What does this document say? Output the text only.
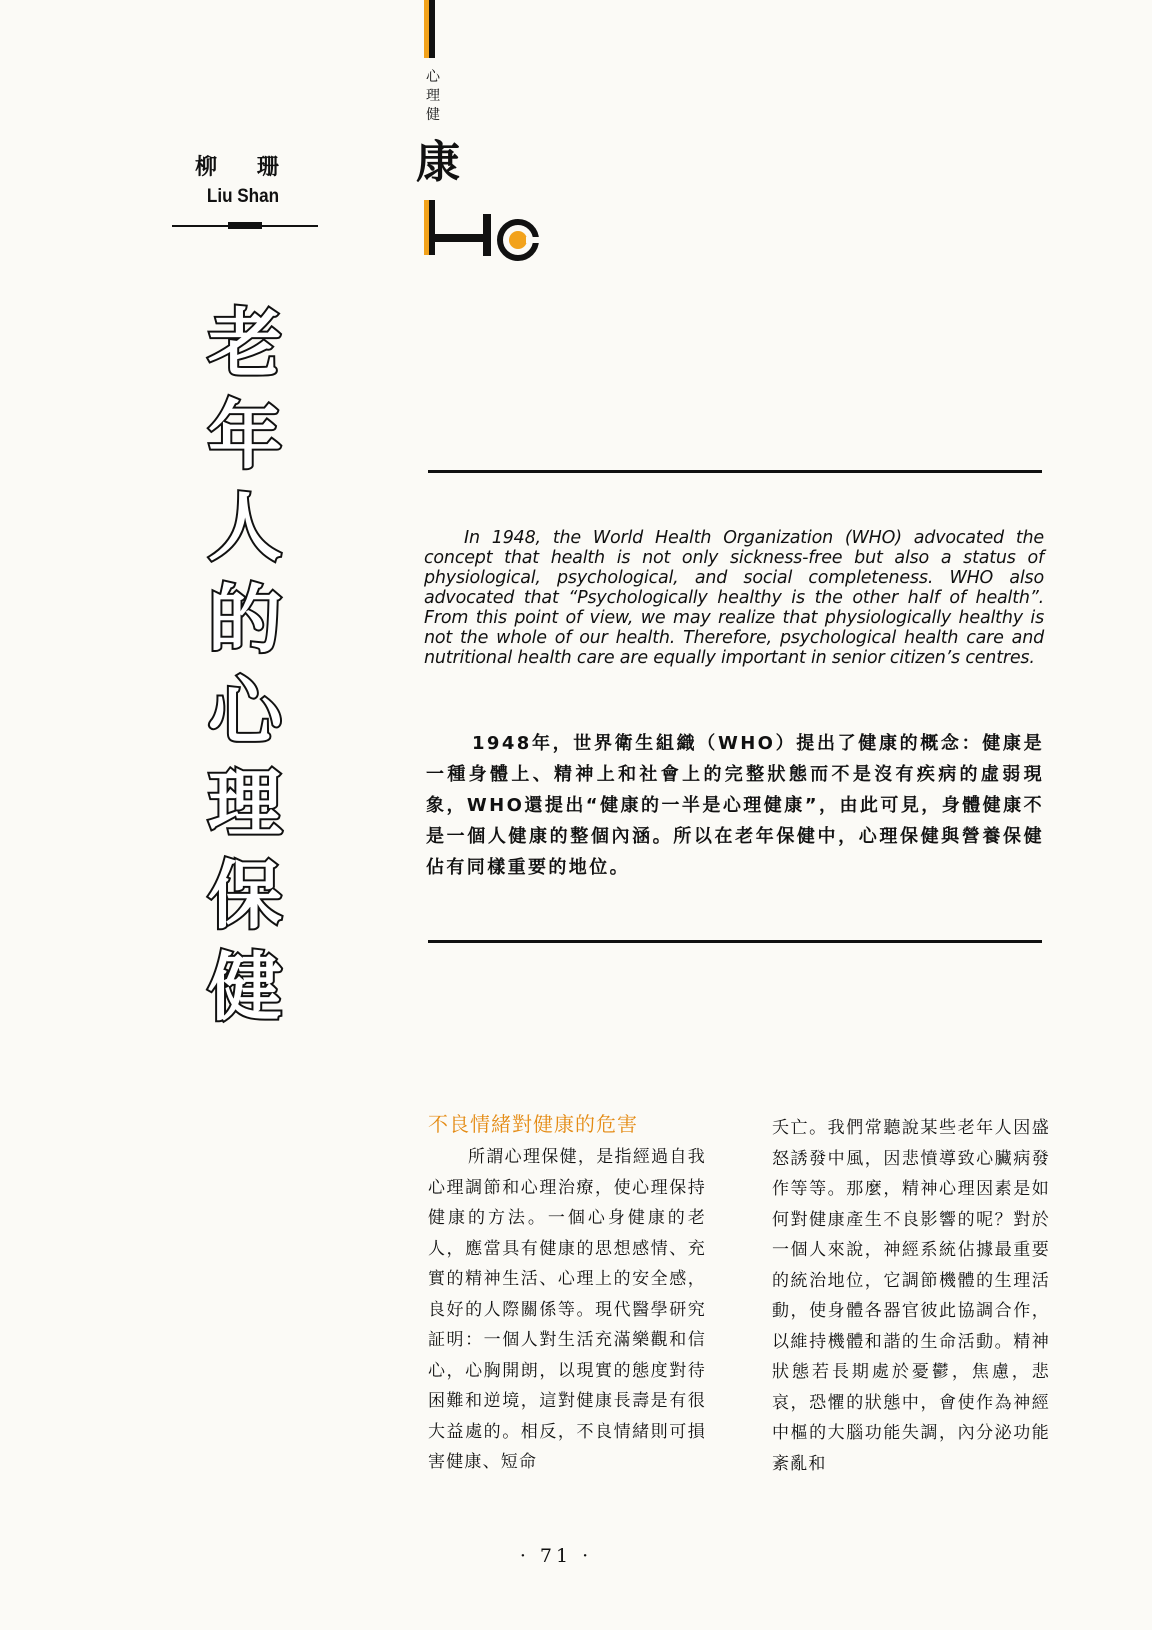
心
理
健
康
柳 珊
Liu Shan
老
年
人
的
心
理
保
健
In 1948, the World Health Organization (WHO) advocated the concept that health is not only sickness-free but also a status of physiological, psychological, and social completeness. WHO also advocated that “Psychologically healthy is the other half of health”. From this point of view, we may realize that physiologically healthy is not the whole of our health. Therefore, psychological health care and nutritional health care are equally important in senior citizen’s centres.
1948年，世界衛生組織（WHO）提出了健康的概念：健康是一種身體上、精神上和社會上的完整狀態而不是沒有疾病的虛弱現象，WHO還提出“健康的一半是心理健康”，由此可見，身體健康不是一個人健康的整個內涵。所以在老年保健中，心理保健與營養保健佔有同樣重要的地位。
不良情緒對健康的危害
所謂心理保健，是指經過自我心理調節和心理治療，使心理保持健康的方法。一個心身健康的老人，應當具有健康的思想感情、充實的精神生活、心理上的安全感，良好的人際關係等。現代醫學研究証明：一個人對生活充滿樂觀和信心，心胸開朗，以現實的態度對待困難和逆境，這對健康長壽是有很大益處的。相反，不良情緒則可損害健康、短命
夭亡。我們常聽說某些老年人因盛怒誘發中風，因悲憤導致心臟病發作等等。那麼，精神心理因素是如何對健康產生不良影響的呢？對於一個人來說，神經系統佔據最重要的統治地位，它調節機體的生理活動，使身體各器官彼此協調合作，以維持機體和諧的生命活動。精神狀態若長期處於憂鬱，焦慮，悲哀，恐懼的狀態中，會使作為神經中樞的大腦功能失調，內分泌功能紊亂和
· 71 ·
